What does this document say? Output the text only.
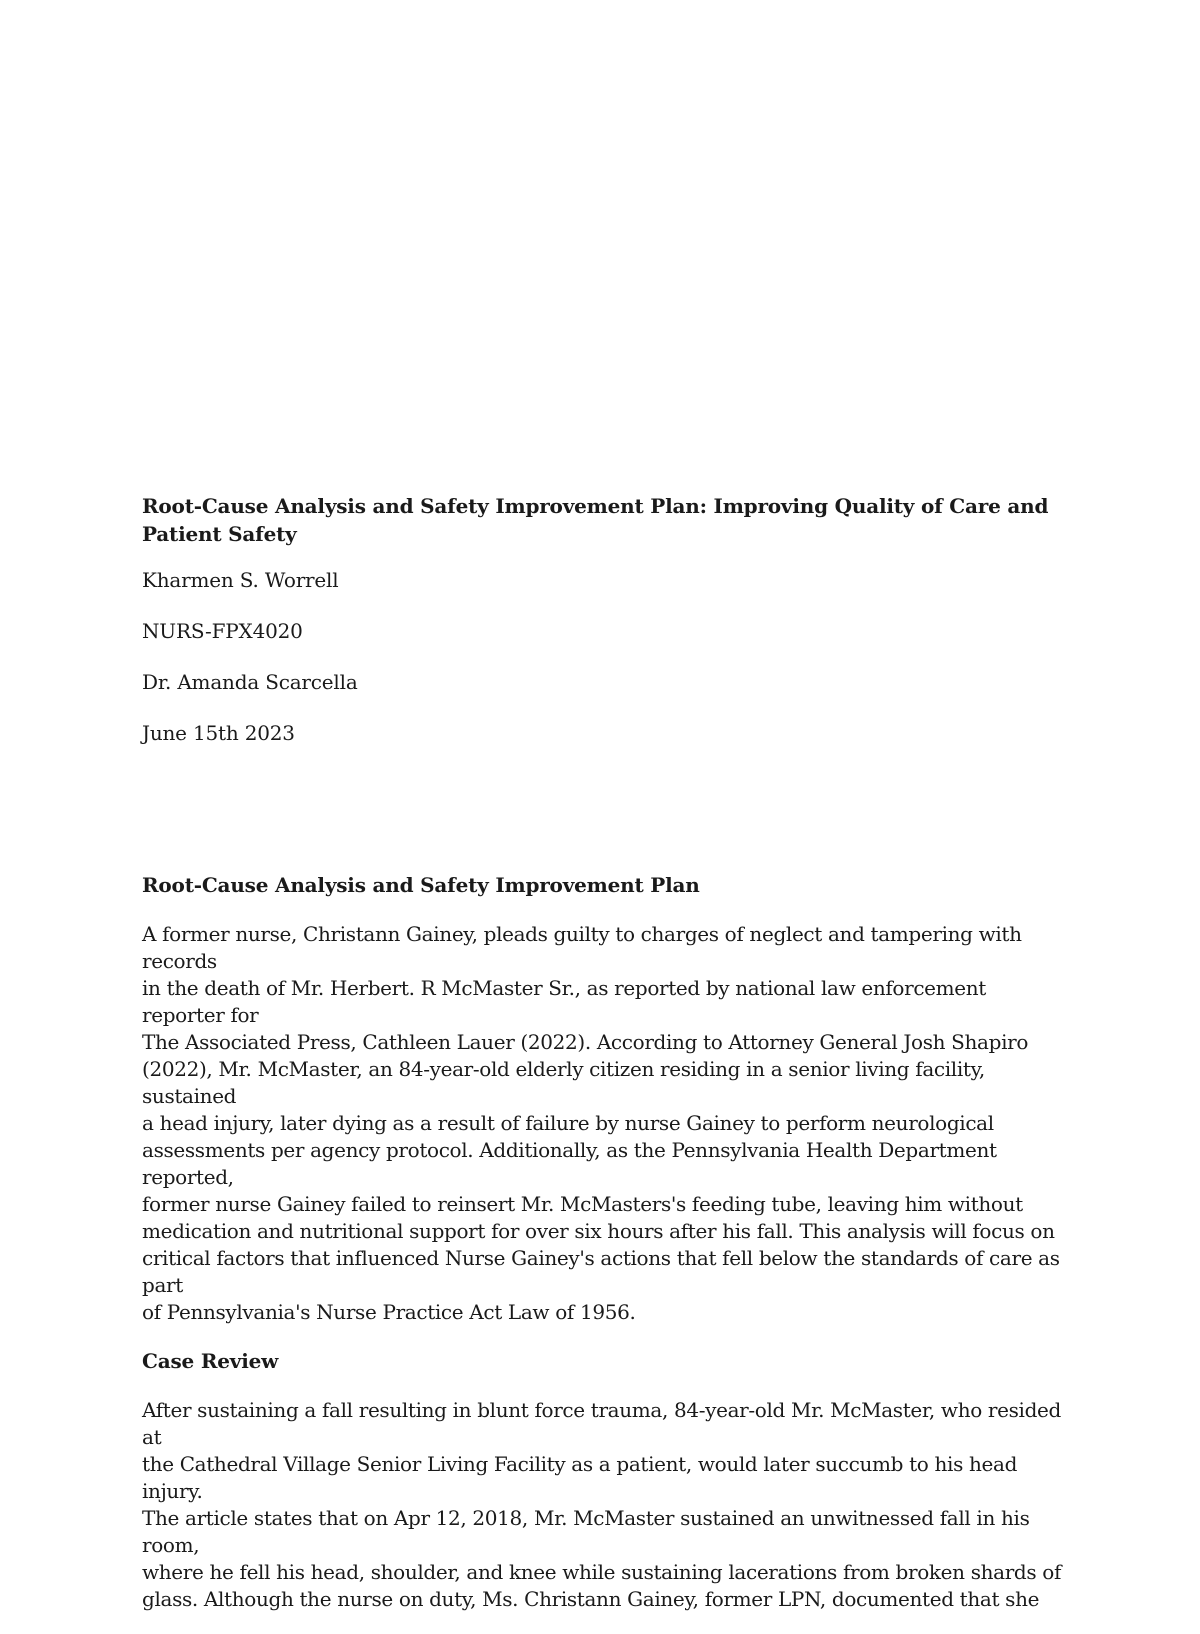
Root-Cause Analysis and Safety Improvement Plan: Improving Quality of Care and Patient Safety
Kharmen S. Worrell
NURS-FPX4020
Dr. Amanda Scarcella
June 15th 2023
Root-Cause Analysis and Safety Improvement Plan
A former nurse, Christann Gainey, pleads guilty to charges of neglect and tampering with records
in the death of Mr. Herbert. R McMaster Sr., as reported by national law enforcement reporter for
The Associated Press, Cathleen Lauer (2022). According to Attorney General Josh Shapiro
(2022), Mr. McMaster, an 84-year-old elderly citizen residing in a senior living facility, sustained
a head injury, later dying as a result of failure by nurse Gainey to perform neurological
assessments per agency protocol. Additionally, as the Pennsylvania Health Department reported,
former nurse Gainey failed to reinsert Mr. McMasters's feeding tube, leaving him without
medication and nutritional support for over six hours after his fall. This analysis will focus on
critical factors that influenced Nurse Gainey's actions that fell below the standards of care as part
of Pennsylvania's Nurse Practice Act Law of 1956.
Case Review
After sustaining a fall resulting in blunt force trauma, 84-year-old Mr. McMaster, who resided at
the Cathedral Village Senior Living Facility as a patient, would later succumb to his head injury.
The article states that on Apr 12, 2018, Mr. McMaster sustained an unwitnessed fall in his room,
where he fell his head, shoulder, and knee while sustaining lacerations from broken shards of
glass. Although the nurse on duty, Ms. Christann Gainey, former LPN, documented that she
